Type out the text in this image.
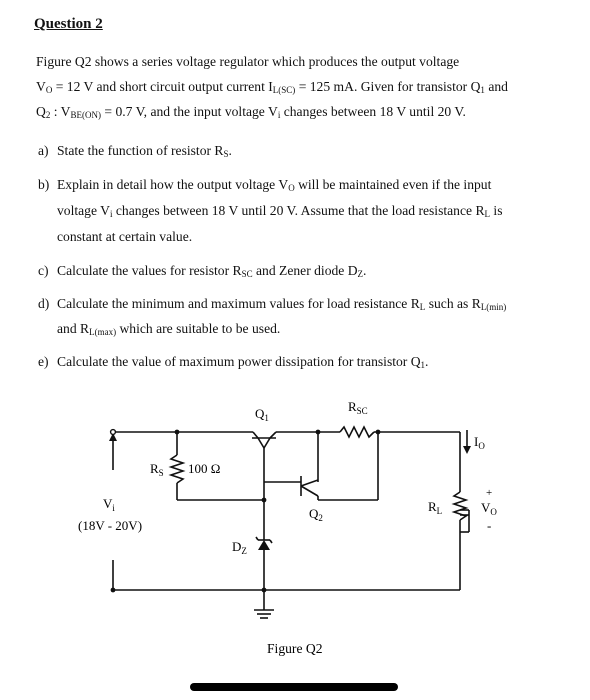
Question 2
Figure Q2 shows a series voltage regulator which produces the output voltage
$V_O = 12$ V and short circuit output current $I_{L(SC)} = 125$ mA. Given for transistor $Q_1$ and
$Q_2$ : $V_{BE(ON)} = 0.7$ V, and the input voltage $V_i$ changes between 18 V until 20 V.
a) State the function of resistor $R_S$.
b) Explain in detail how the output voltage $V_O$ will be maintained even if the input
voltage $V_i$ changes between 18 V until 20 V. Assume that the load resistance $R_L$ is
constant at certain value.
c) Calculate the values for resistor $R_{SC}$ and Zener diode $D_Z$.
d) Calculate the minimum and maximum values for load resistance $R_L$ such as $R_{L(min)}$
and $R_{L(max)}$ which are suitable to be used.
e) Calculate the value of maximum power dissipation for transistor $Q_1$.
$Q_1$
$R_{SC}$
$R_S$ 100 Ω
$Q_2$
$D_Z$
$R_L$
$V_i$
(18V - 20V)
$I_O$
+
$V_O$
-
Figure Q2
